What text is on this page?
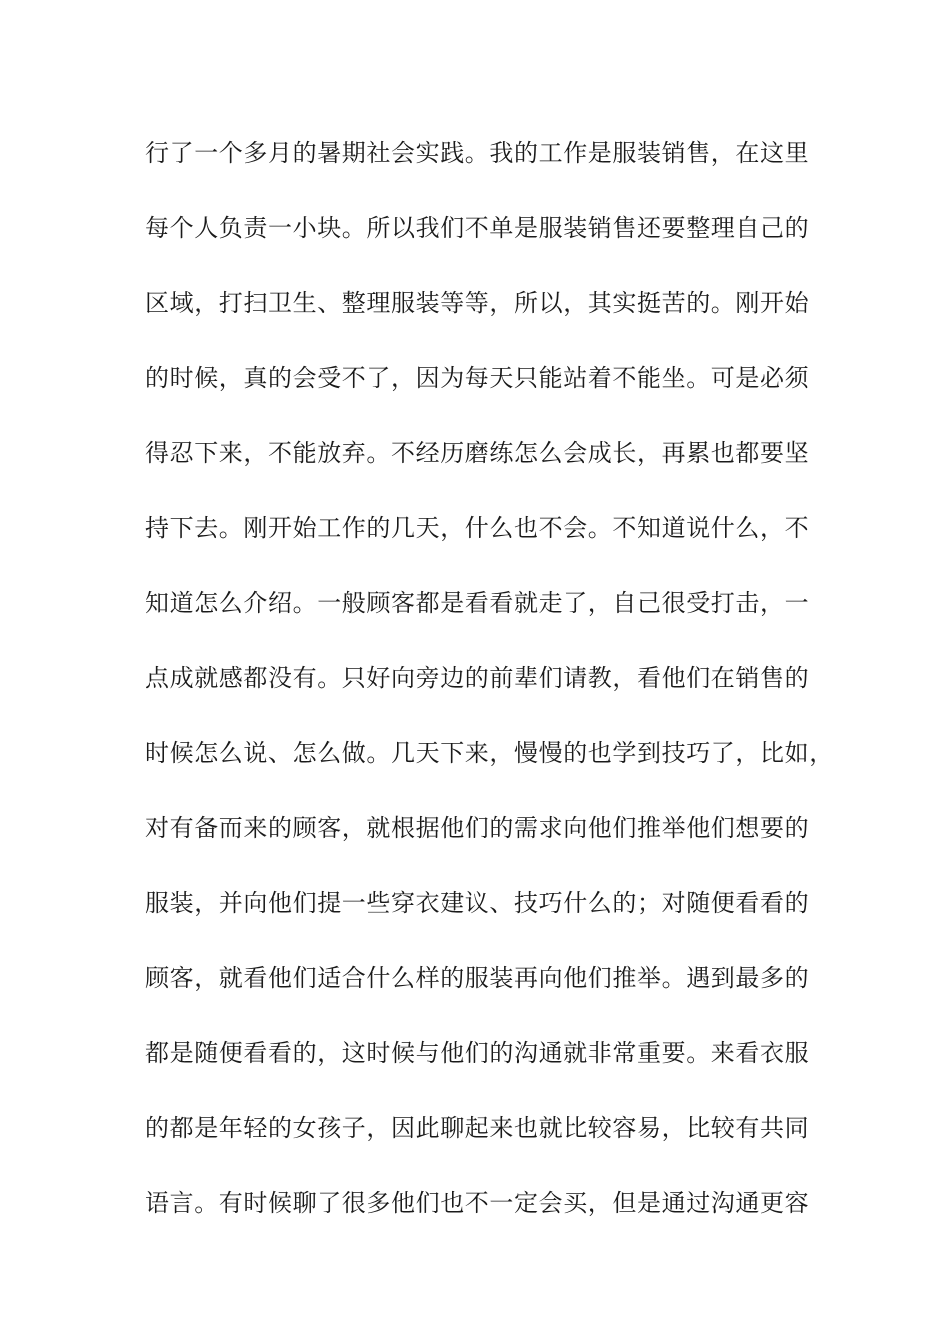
行了一个多月的暑期社会实践。我的工作是服装销售，在这里
每个人负责一小块。所以我们不单是服装销售还要整理自己的
区域，打扫卫生、整理服装等等，所以，其实挺苦的。刚开始
的时候，真的会受不了，因为每天只能站着不能坐。可是必须
得忍下来，不能放弃。不经历磨练怎么会成长，再累也都要坚
持下去。刚开始工作的几天，什么也不会。不知道说什么，不
知道怎么介绍。一般顾客都是看看就走了，自己很受打击，一
点成就感都没有。只好向旁边的前辈们请教，看他们在销售的
时候怎么说、怎么做。几天下来，慢慢的也学到技巧了，比如，
对有备而来的顾客，就根据他们的需求向他们推举他们想要的
服装，并向他们提一些穿衣建议、技巧什么的；对随便看看的
顾客，就看他们适合什么样的服装再向他们推举。遇到最多的
都是随便看看的，这时候与他们的沟通就非常重要。来看衣服
的都是年轻的女孩子，因此聊起来也就比较容易，比较有共同
语言。有时候聊了很多他们也不一定会买，但是通过沟通更容
